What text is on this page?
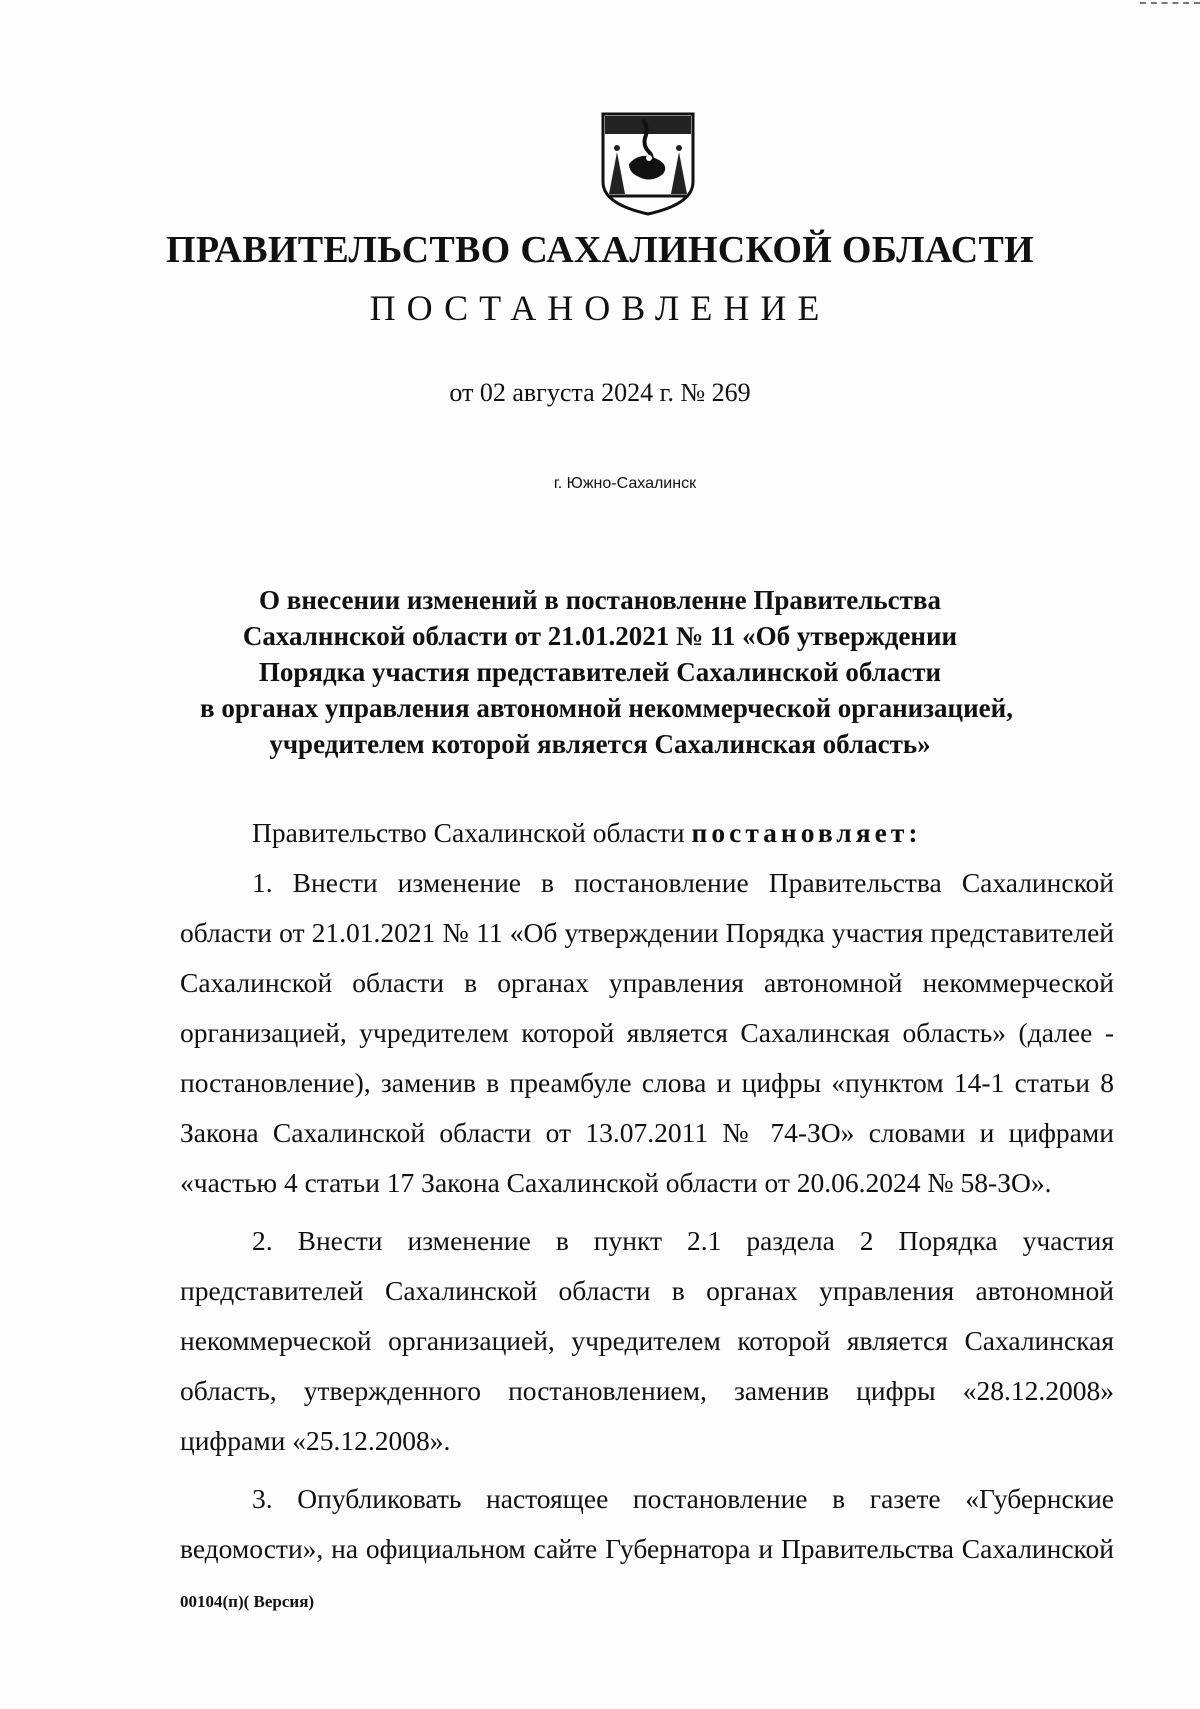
ПРАВИТЕЛЬСТВО САХАЛИНСКОЙ ОБЛАСТИ
ПОСТАНОВЛЕНИЕ
от 02 августа 2024 г. № 269
г. Южно-Сахалинск
О внесении изменений в постановленне Правительства
Сахалннской области от 21.01.2021 № 11 «Об утверждении
Порядка участия представителей Сахалинской области
в органах управления автономной некоммерческой организацией,
учредителем которой является Сахалинская область»

Правительство Сахалинской области постановляет:

1. Внести изменение в постановление Правительства Сахалинской области от 21.01.2021 № 11 «Об утверждении Порядка участия представителей Сахалинской области в органах управления автономной некоммерческой организацией, учредителем которой является Сахалинская область» (далее - постановление), заменив в преамбуле слова и цифры «пунктом 14-1 статьи 8 Закона Сахалинской области от 13.07.2011 № 74-ЗО» словами и цифрами «частью 4 статьи 17 Закона Сахалинской области от 20.06.2024 № 58-ЗО».

2. Внести изменение в пункт 2.1 раздела 2 Порядка участия представителей Сахалинской области в органах управления автономной некоммерческой организацией, учредителем которой является Сахалинская область, утвержденного постановлением, заменив цифры «28.12.2008» цифрами «25.12.2008».

3. Опубликовать настоящее постановление в газете «Губернские ведомости», на официальном сайте Губернатора и Правительства Сахалинской

00104(п)( Версия)
